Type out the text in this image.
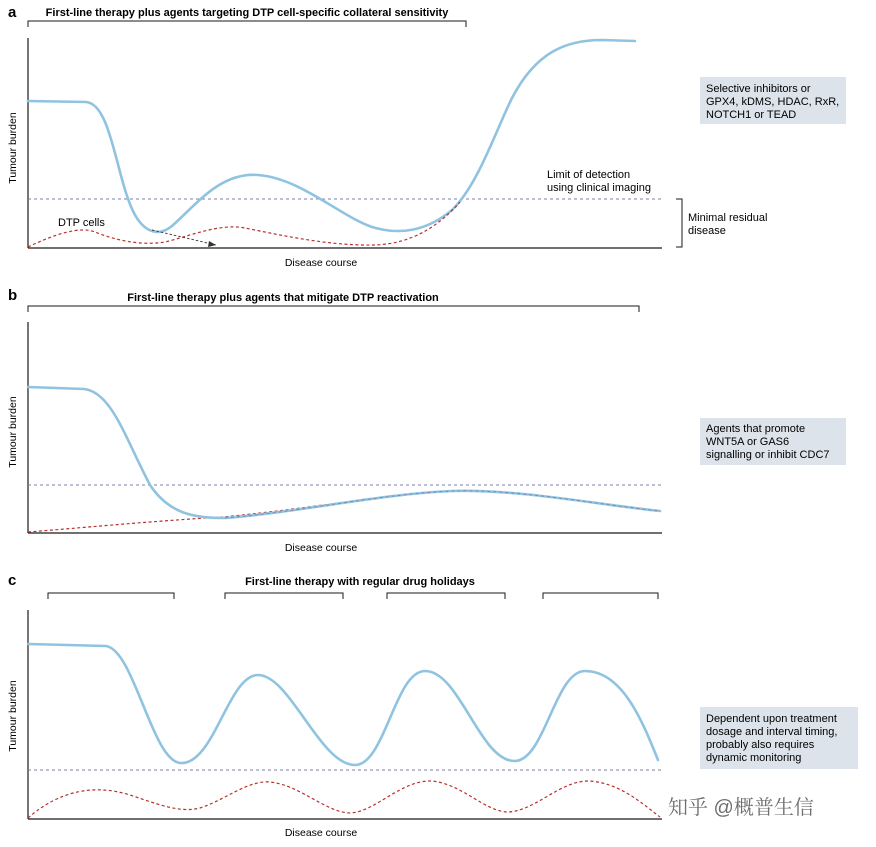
a	First-line therapy plus agents targeting DTP cell-specific collateral sensitivity
Tumour burden
Disease course
DTP cells
Limit of detection
using clinical imaging
Minimal residual
disease
Selective inhibitors or
GPX4, kDMS, HDAC, RxR,
NOTCH1 or TEAD
b	First-line therapy plus agents that mitigate DTP reactivation
Tumour burden
Disease course
Agents that promote
WNT5A or GAS6
signalling or inhibit CDC7
c	First-line therapy with regular drug holidays
Tumour burden
Disease course
Dependent upon treatment
dosage and interval timing,
probably also requires
dynamic monitoring
知乎 @概普生信
